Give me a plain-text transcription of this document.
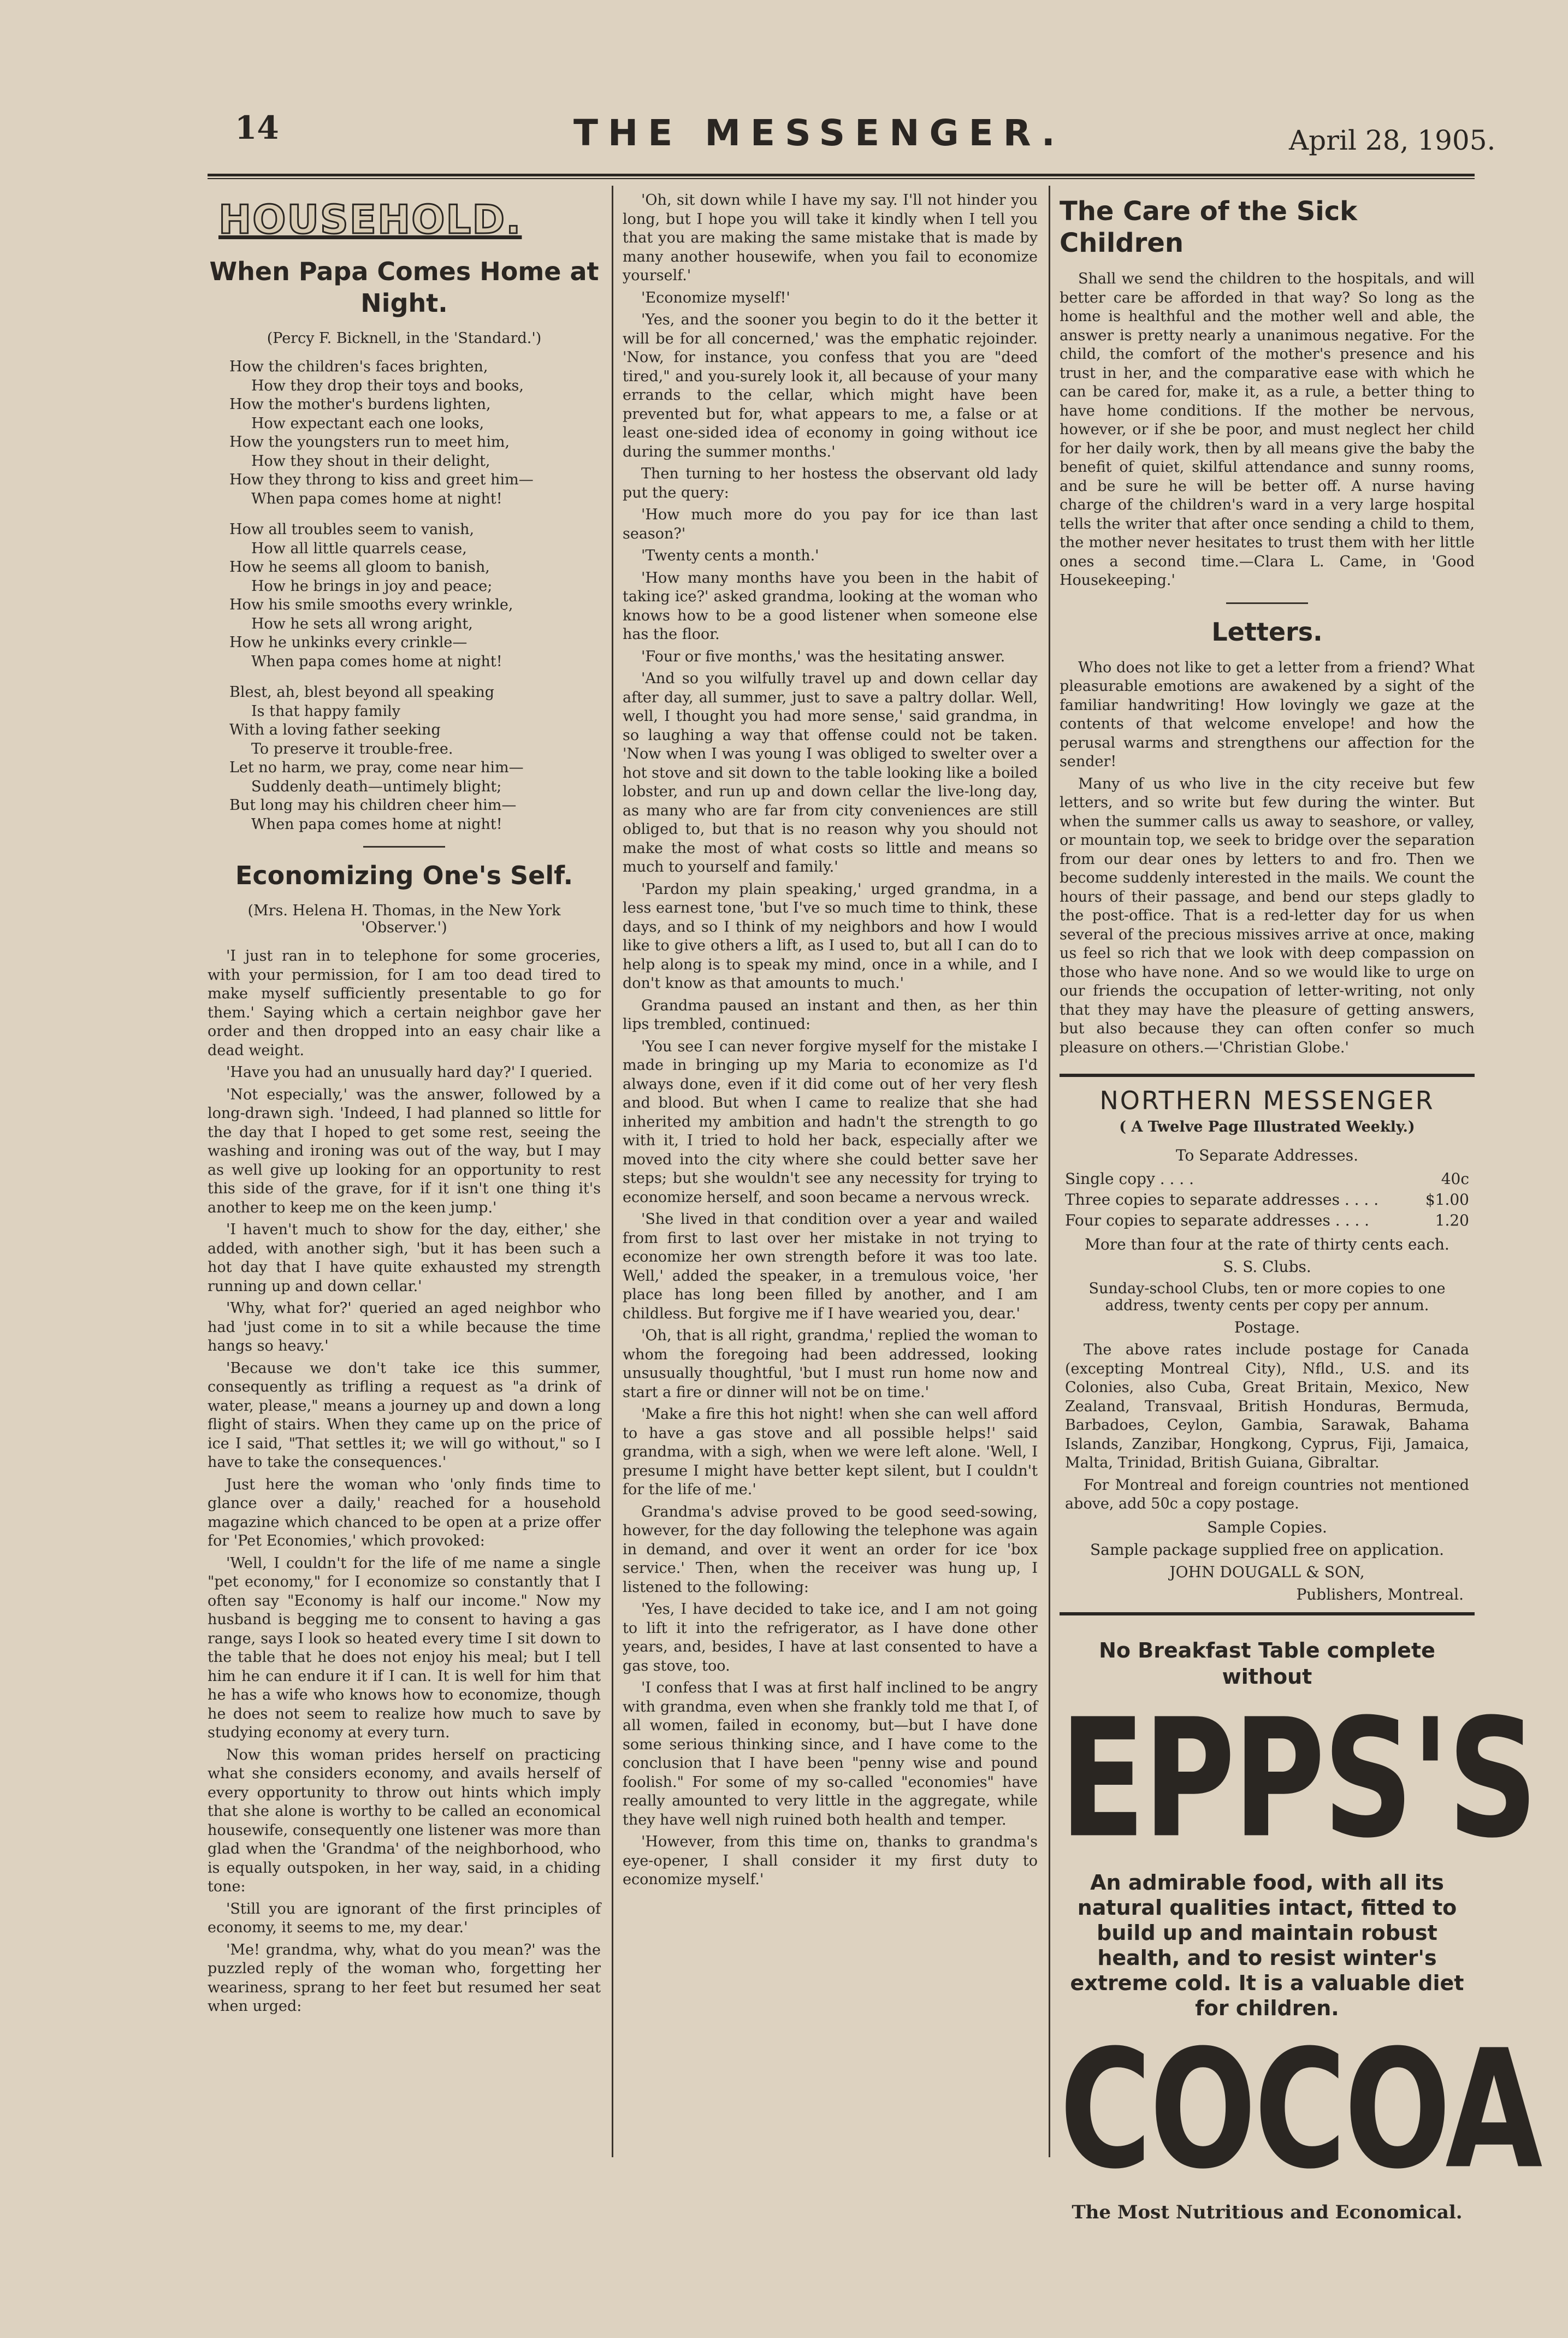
14	THE MESSENGER.	April 28, 1905.
HOUSEHOLD.
When Papa Comes Home at Night.
(Percy F. Bicknell, in the 'Standard.')
How the children's faces brighten,
How they drop their toys and books,
How the mother's burdens lighten,
How expectant each one looks,
How the youngsters run to meet him,
How they shout in their delight,
How they throng to kiss and greet him—
When papa comes home at night!
How all troubles seem to vanish,
How all little quarrels cease,
How he seems all gloom to banish,
How he brings in joy and peace;
How his smile smooths every wrinkle,
How he sets all wrong aright,
How he unkinks every crinkle—
When papa comes home at night!
Blest, ah, blest beyond all speaking
Is that happy family
With a loving father seeking
To preserve it trouble-free.
Let no harm, we pray, come near him—
Suddenly death—untimely blight;
But long may his children cheer him—
When papa comes home at night!
Economizing One's Self.
(Mrs. Helena H. Thomas, in the New York 'Observer.')

'I just ran in to telephone for some groceries, with your permission, for I am too dead tired to make myself sufficiently presentable to go for them.' Saying which a certain neighbor gave her order and then dropped into an easy chair like a dead weight.

'Have you had an unusually hard day?' I queried.

'Not especially,' was the answer, followed by a long-drawn sigh. 'Indeed, I had planned so little for the day that I hoped to get some rest, seeing the washing and ironing was out of the way, but I may as well give up looking for an opportunity to rest this side of the grave, for if it isn't one thing it's another to keep me on the keen jump.'

'I haven't much to show for the day, either,' she added, with another sigh, 'but it has been such a hot day that I have quite exhausted my strength running up and down cellar.'

'Why, what for?' queried an aged neighbor who had 'just come in to sit a while because the time hangs so heavy.'

'Because we don't take ice this summer, consequently as trifling a request as "a drink of water, please," means a journey up and down a long flight of stairs. When they came up on the price of ice I said, "That settles it; we will go without," so I have to take the consequences.'

Just here the woman who 'only finds time to glance over a daily,' reached for a household magazine which chanced to be open at a prize offer for 'Pet Economies,' which provoked:

'Well, I couldn't for the life of me name a single "pet economy," for I economize so constantly that I often say "Economy is half our income." Now my husband is begging me to consent to having a gas range, says I look so heated every time I sit down to the table that he does not enjoy his meal; but I tell him he can endure it if I can. It is well for him that he has a wife who knows how to economize, though he does not seem to realize how much to save by studying economy at every turn.

Now this woman prides herself on practicing what she considers economy, and avails herself of every opportunity to throw out hints which imply that she alone is worthy to be called an economical housewife, consequently one listener was more than glad when the 'Grandma' of the neighborhood, who is equally outspoken, in her way, said, in a chiding tone:

'Still you are ignorant of the first principles of economy, it seems to me, my dear.'

'Me! grandma, why, what do you mean?' was the puzzled reply of the woman who, forgetting her weariness, sprang to her feet but resumed her seat when urged:

'Oh, sit down while I have my say. I'll not hinder you long, but I hope you will take it kindly when I tell you that you are making the same mistake that is made by many another housewife, when you fail to economize yourself.'

'Economize myself!'

'Yes, and the sooner you begin to do it the better it will be for all concerned,' was the emphatic rejoinder. 'Now, for instance, you confess that you are "deed tired," and you-surely look it, all because of your many errands to the cellar, which might have been prevented but for, what appears to me, a false or at least one-sided idea of economy in going without ice during the summer months.'

Then turning to her hostess the observant old lady put the query:

'How much more do you pay for ice than last season?'

'Twenty cents a month.'

'How many months have you been in the habit of taking ice?' asked grandma, looking at the woman who knows how to be a good listener when someone else has the floor.

'Four or five months,' was the hesitating answer.

'And so you wilfully travel up and down cellar day after day, all summer, just to save a paltry dollar. Well, well, I thought you had more sense,' said grandma, in so laughing a way that offense could not be taken. 'Now when I was young I was obliged to swelter over a hot stove and sit down to the table looking like a boiled lobster, and run up and down cellar the live-long day, as many who are far from city conveniences are still obliged to, but that is no reason why you should not make the most of what costs so little and means so much to yourself and family.'

'Pardon my plain speaking,' urged grandma, in a less earnest tone, 'but I've so much time to think, these days, and so I think of my neighbors and how I would like to give others a lift, as I used to, but all I can do to help along is to speak my mind, once in a while, and I don't know as that amounts to much.'

Grandma paused an instant and then, as her thin lips trembled, continued:

'You see I can never forgive myself for the mistake I made in bringing up my Maria to economize as I'd always done, even if it did come out of her very flesh and blood. But when I came to realize that she had inherited my ambition and hadn't the strength to go with it, I tried to hold her back, especially after we moved into the city where she could better save her steps; but she wouldn't see any necessity for trying to economize herself, and soon became a nervous wreck.

'She lived in that condition over a year and wailed from first to last over her mistake in not trying to economize her own strength before it was too late. Well,' added the speaker, in a tremulous voice, 'her place has long been filled by another, and I am childless. But forgive me if I have wearied you, dear.'

'Oh, that is all right, grandma,' replied the woman to whom the foregoing had been addressed, looking unsusually thoughtful, 'but I must run home now and start a fire or dinner will not be on time.'

'Make a fire this hot night! when she can well afford to have a gas stove and all possible helps!' said grandma, with a sigh, when we were left alone. 'Well, I presume I might have better kept silent, but I couldn't for the life of me.'

Grandma's advise proved to be good seed-sowing, however, for the day following the telephone was again in demand, and over it went an order for ice 'box service.' Then, when the receiver was hung up, I listened to the following:

'Yes, I have decided to take ice, and I am not going to lift it into the refrigerator, as I have done other years, and, besides, I have at last consented to have a gas stove, too.

'I confess that I was at first half inclined to be angry with grandma, even when she frankly told me that I, of all women, failed in economy, but—but I have done some serious thinking since, and I have come to the conclusion that I have been "penny wise and pound foolish." For some of my so-called "economies" have really amounted to very little in the aggregate, while they have well nigh ruined both health and temper.

'However, from this time on, thanks to grandma's eye-opener, I shall consider it my first duty to economize myself.'

The Care of the Sick Children

Shall we send the children to the hospitals, and will better care be afforded in that way? So long as the home is healthful and the mother well and able, the answer is pretty nearly a unanimous negative. For the child, the comfort of the mother's presence and his trust in her, and the comparative ease with which he can be cared for, make it, as a rule, a better thing to have home conditions. If the mother be nervous, however, or if she be poor, and must neglect her child for her daily work, then by all means give the baby the benefit of quiet, skilful attendance and sunny rooms, and be sure he will be better off. A nurse having charge of the children's ward in a very large hospital tells the writer that after once sending a child to them, the mother never hesitates to trust them with her little ones a second time.—Clara L. Came, in 'Good Housekeeping.'

Letters.

Who does not like to get a letter from a friend? What pleasurable emotions are awakened by a sight of the familiar handwriting! How lovingly we gaze at the contents of that welcome envelope! and how the perusal warms and strengthens our affection for the sender!

Many of us who live in the city receive but few letters, and so write but few during the winter. But when the summer calls us away to seashore, or valley, or mountain top, we seek to bridge over the separation from our dear ones by letters to and fro. Then we become suddenly interested in the mails. We count the hours of their passage, and bend our steps gladly to the post-office. That is a red-letter day for us when several of the precious missives arrive at once, making us feel so rich that we look with deep compassion on those who have none. And so we would like to urge on our friends the occupation of letter-writing, not only that they may have the pleasure of getting answers, but also because they can often confer so much pleasure on others.—'Christian Globe.'

NORTHERN MESSENGER
( A Twelve Page Illustrated Weekly.)
To Separate Addresses.
Single copy . . . .	40c
Three copies to separate addresses . . . .	$1.00
Four copies to separate addresses . . . .	1.20
More than four at the rate of thirty cents each.
S. S. Clubs.
Sunday-school Clubs, ten or more copies to one address, twenty cents per copy per annum.
Postage.

The above rates include postage for Canada (excepting Montreal City), Nfld., U.S. and its Colonies, also Cuba, Great Britain, Mexico, New Zealand, Transvaal, British Honduras, Bermuda, Barbadoes, Ceylon, Gambia, Sarawak, Bahama Islands, Zanzibar, Hongkong, Cyprus, Fiji, Jamaica, Malta, Trinidad, British Guiana, Gibraltar.

For Montreal and foreign countries not mentioned above, add 50c a copy postage.

Sample Copies.
Sample package supplied free on application.
JOHN DOUGALL & SON,
Publishers, Montreal.
No Breakfast Table complete without
EPPS'S
An admirable food, with all its natural qualities intact, fitted to build up and maintain robust health, and to resist winter's extreme cold. It is a valuable diet for children.
COCOA
The Most Nutritious and Economical.
